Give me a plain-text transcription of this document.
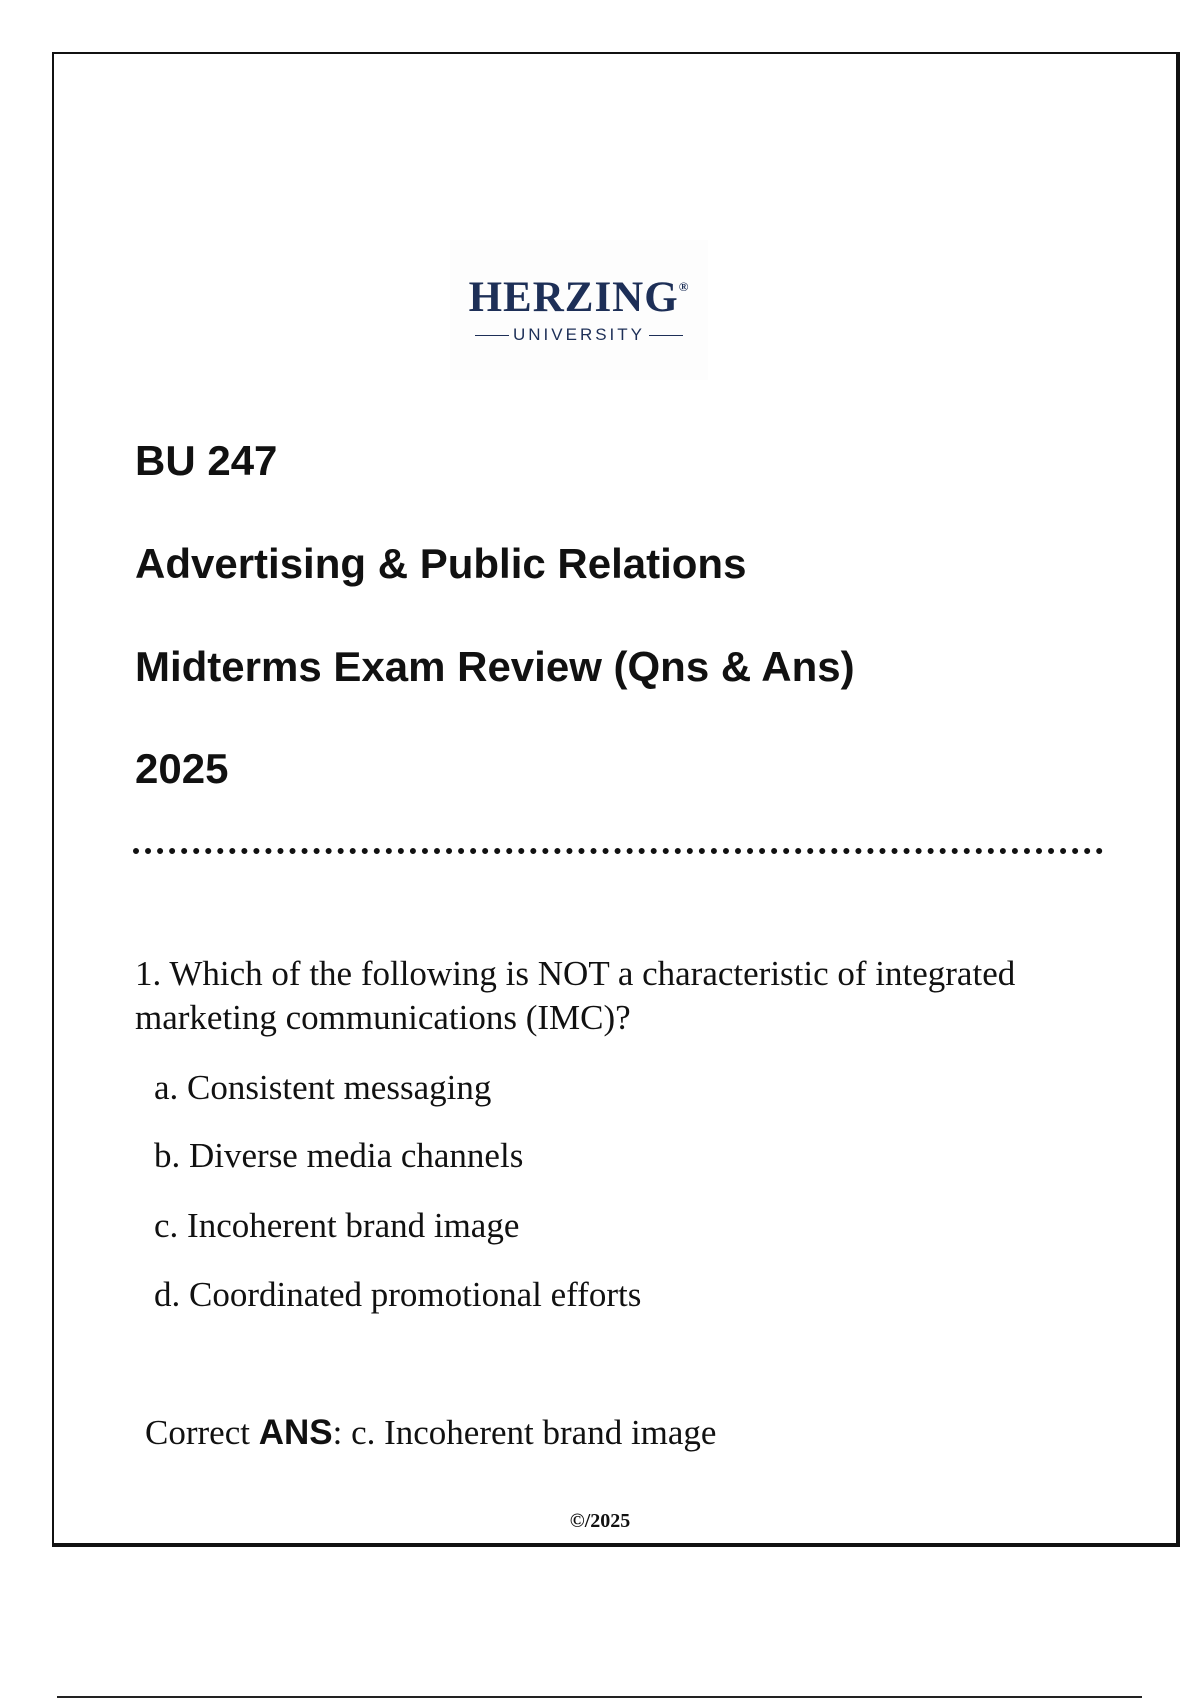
HERZING®
UNIVERSITY
BU 247
Advertising & Public Relations
Midterms Exam Review (Qns & Ans)
2025

1. Which of the following is NOT a characteristic of integrated marketing communications (IMC)?

a. Consistent messaging

b. Diverse media channels

c. Incoherent brand image

d. Coordinated promotional efforts

Correct ANS: c. Incoherent brand image

©/2025
